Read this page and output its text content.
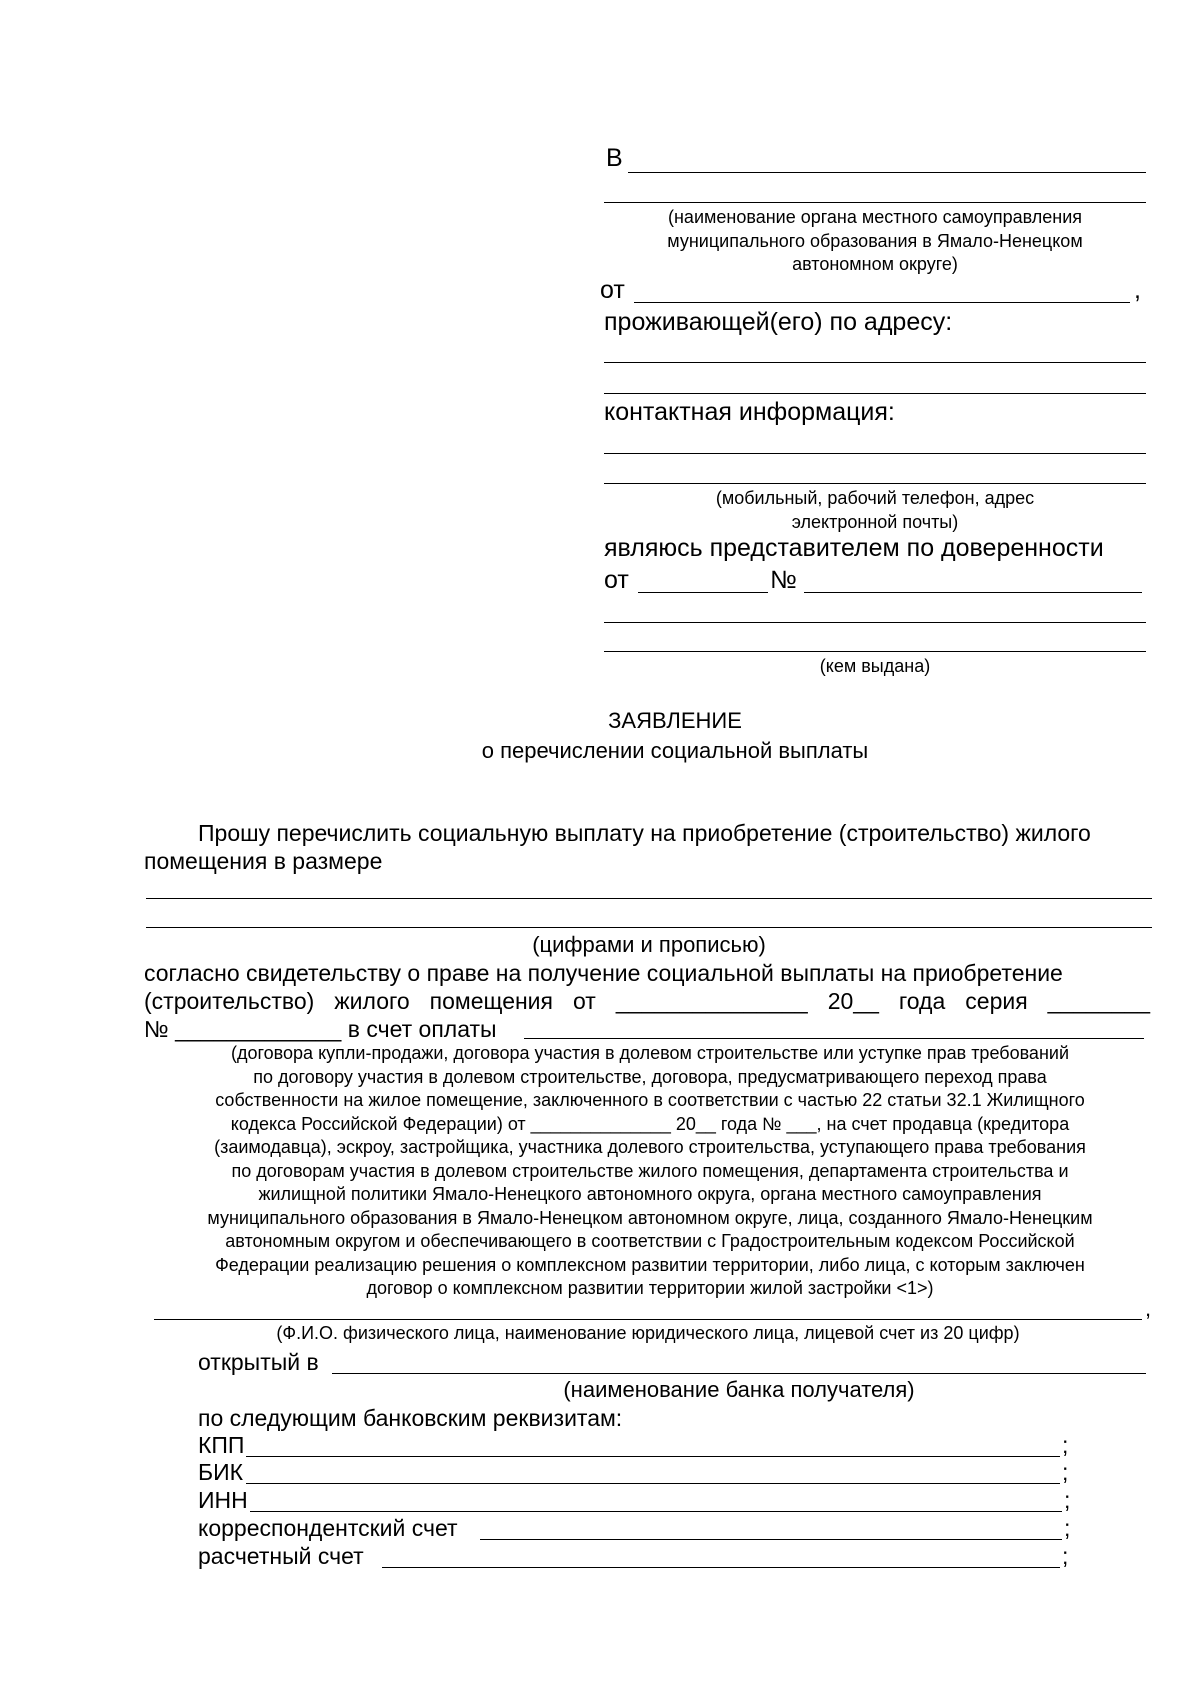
В

(наименование органа местного самоуправления

муниципального образования в Ямало-Ненецком

автономном округе)

от	,
проживающей(его) по адресу:
контактная информация:

(мобильный, рабочий телефон, адрес

электронной почты)

являюсь представителем по доверенности
от	№

(кем выдана)

ЗАЯВЛЕНИЕ
о перечислении социальной выплаты
Прошу перечислить социальную выплату на приобретение (строительство) жилого
помещения в размере
(цифрами и прописью)
согласно свидетельству о праве на получение социальной выплаты на приобретение
(строительство) жилого помещения от _______________ 20__ года серия ________
№ _____________ в счет оплаты

(договора купли-продажи, договора участия в долевом строительстве или уступке прав требований

по договору участия в долевом строительстве, договора, предусматривающего переход права

собственности на жилое помещение, заключенного в соответствии с частью 22 статьи 32.1 Жилищного

кодекса Российской Федерации) от ______________ 20__ года № ___, на счет продавца (кредитора

(заимодавца), эскроу, застройщика, участника долевого строительства, уступающего права требования

по договорам участия в долевом строительстве жилого помещения, департамента строительства и

жилищной политики Ямало-Ненецкого автономного округа, органа местного самоуправления

муниципального образования в Ямало-Ненецком автономном округе, лица, созданного Ямало-Ненецким

автономным округом и обеспечивающего в соответствии с Градостроительным кодексом Российской

Федерации реализацию решения о комплексном развитии территории, либо лица, с которым заключен

договор о комплексном развитии территории жилой застройки <1>)

,

(Ф.И.О. физического лица, наименование юридического лица, лицевой счет из 20 цифр)

открытый в
(наименование банка получателя)
по следующим банковским реквизитам:
КПП	;
БИК	;
ИНН	;
корреспондентский счет	;
расчетный счет	;
